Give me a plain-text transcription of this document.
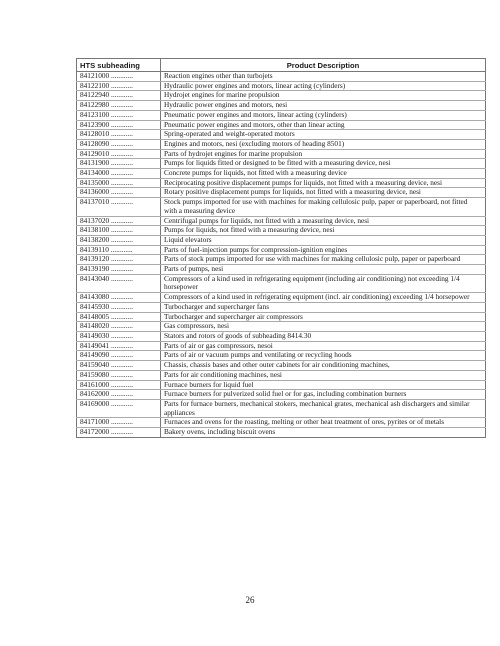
HTS subheading	Product Description
84121000 ............	Reaction engines other than turbojets
84122100 ............	Hydraulic power engines and motors, linear acting (cylinders)
84122940 ............	Hydrojet engines for marine propulsion
84122980 ............	Hydraulic power engines and motors, nesi
84123100 ............	Pneumatic power engines and motors, linear acting (cylinders)
84123900 ............	Pneumatic power engines and motors, other than linear acting
84128010 ............	Spring-operated and weight-operated motors
84128090 ............	Engines and motors, nesi (excluding motors of heading 8501)
84129010 ............	Parts of hydrojet engines for marine propulsion
84131900 ............	Pumps for liquids fitted or designed to be fitted with a measuring device, nesi
84134000 ............	Concrete pumps for liquids, not fitted with a measuring device
84135000 ............	Reciprocating positive displacement pumps for liquids, not fitted with a measuring device, nesi
84136000 ............	Rotary positive displacement pumps for liquids, not fitted with a measuring device, nesi
84137010 ............	Stock pumps imported for use with machines for making cellulosic pulp, paper or paperboard, not fitted with a measuring device
84137020 ............	Centrifugal pumps for liquids, not fitted with a measuring device, nesi
84138100 ............	Pumps for liquids, not fitted with a measuring device, nesi
84138200 ............	Liquid elevators
84139110 ............	Parts of fuel-injection pumps for compression-ignition engines
84139120 ............	Parts of stock pumps imported for use with machines for making cellulosic pulp, paper or paperboard
84139190 ............	Parts of pumps, nesi
84143040 ............	Compressors of a kind used in refrigerating equipment (including air conditioning) not exceeding 1/4 horsepower
84143080 ............	Compressors of a kind used in refrigerating equipment (incl. air conditioning) exceeding 1/4 horsepower
84145930 ............	Turbocharger and supercharger fans
84148005 ............	Turbocharger and supercharger air compressors
84148020 ............	Gas compressors, nesi
84149030 ............	Stators and rotors of goods of subheading 8414.30
84149041 ............	Parts of air or gas compressors, nesoi
84149090 ............	Parts of air or vacuum pumps and ventilating or recycling hoods
84159040 ............	Chassis, chassis bases and other outer cabinets for air conditioning machines,
84159080 ............	Parts for air conditioning machines, nesi
84161000 ............	Furnace burners for liquid fuel
84162000 ............	Furnace burners for pulverized solid fuel or for gas, including combination burners
84169000 ............	Parts for furnace burners, mechanical stokers, mechanical grates, mechanical ash dischargers and similar appliances
84171000 ............	Furnaces and ovens for the roasting, melting or other heat treatment of ores, pyrites or of metals
84172000 ............	Bakery ovens, including biscuit ovens
26
